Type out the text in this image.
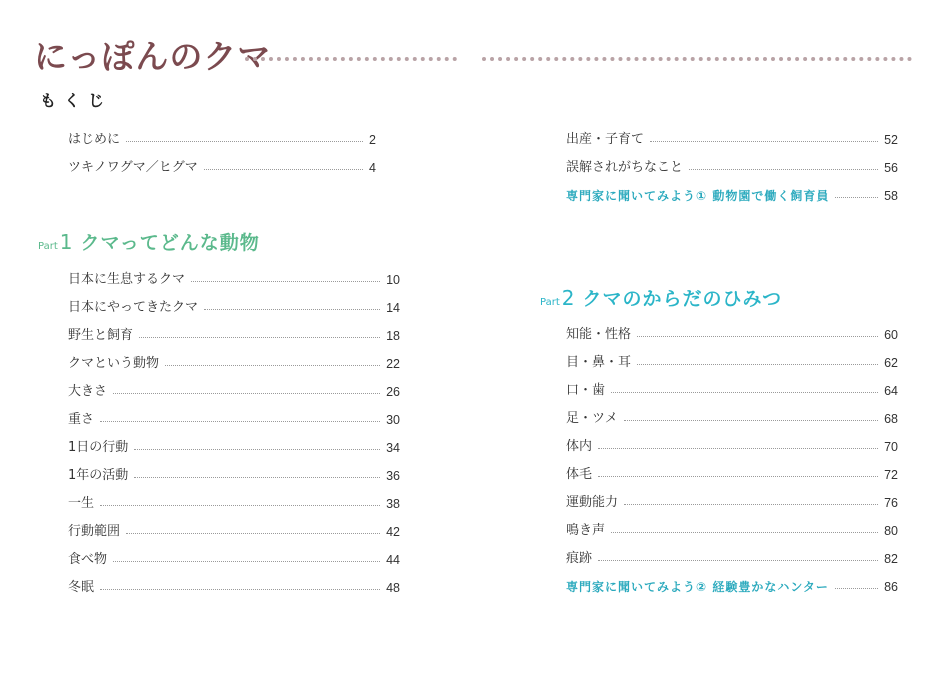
にっぽんのクマ
もくじ
はじめに	2
ツキノワグマ／ヒグマ	4
Part 1 クマってどんな動物
日本に生息するクマ	10
日本にやってきたクマ	14
野生と飼育	18
クマという動物	22
大きさ	26
重さ	30
1日の行動	34
1年の活動	36
一生	38
行動範囲	42
食べ物	44
冬眠	48
出産・子育て	52
誤解されがちなこと	56
専門家に聞いてみよう① 動物園で働く飼育員	58
Part 2 クマのからだのひみつ
知能・性格	60
目・鼻・耳	62
口・歯	64
足・ツメ	68
体内	70
体毛	72
運動能力	76
鳴き声	80
痕跡	82
専門家に聞いてみよう② 経験豊かなハンター	86
